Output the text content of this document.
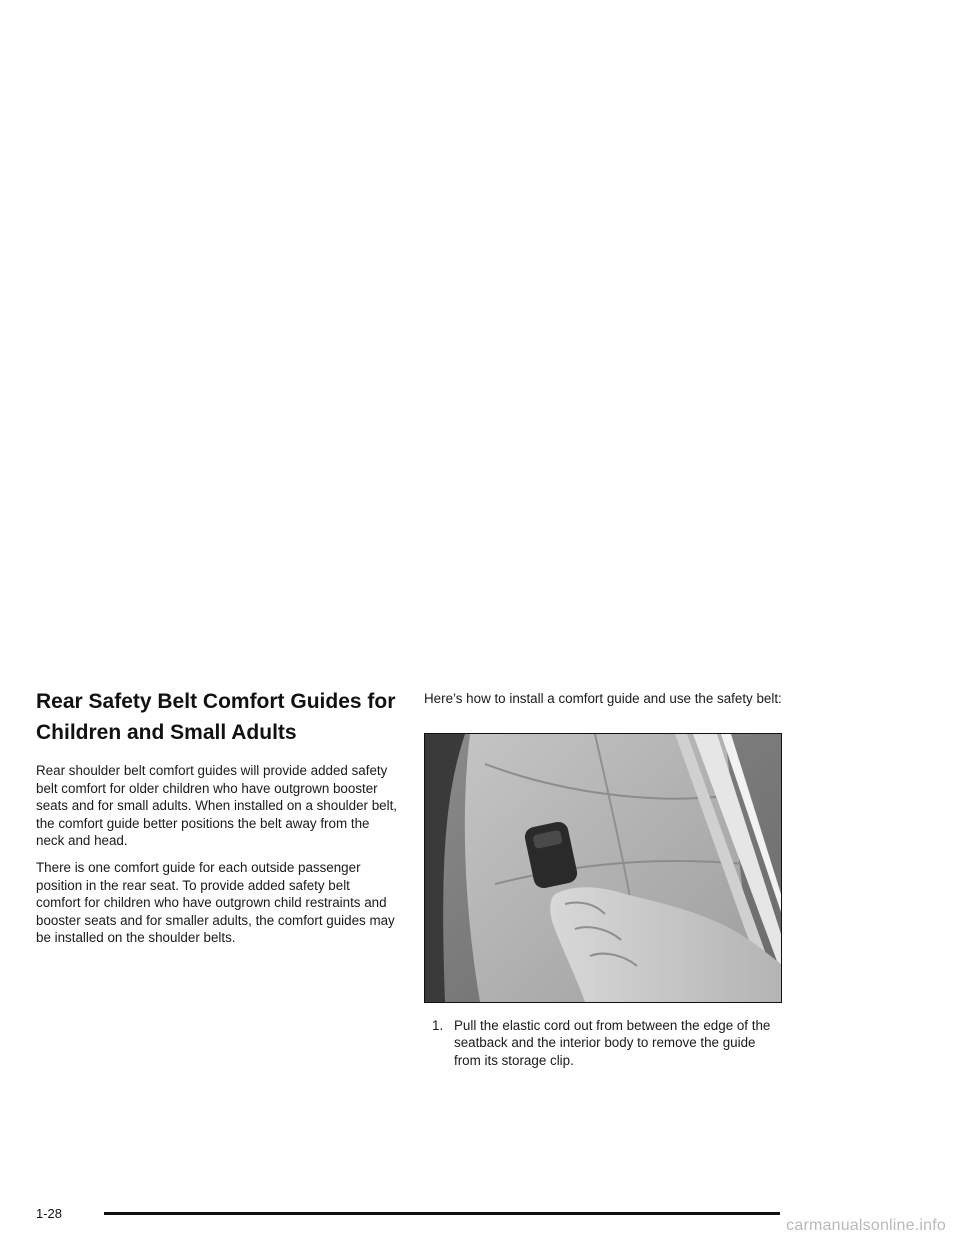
Rear Safety Belt Comfort Guides for
Children and Small Adults

Rear shoulder belt comfort guides will provide added safety belt comfort for older children who have outgrown booster seats and for small adults. When installed on a shoulder belt, the comfort guide better positions the belt away from the neck and head.

There is one comfort guide for each outside passenger position in the rear seat. To provide added safety belt comfort for children who have outgrown child restraints and booster seats and for smaller adults, the comfort guides may be installed on the shoulder belts.

Here’s how to install a comfort guide and use the safety belt:

1. Pull the elastic cord out from between the edge of the seatback and the interior body to remove the guide from its storage clip.
1-28
carmanualsonline.info
